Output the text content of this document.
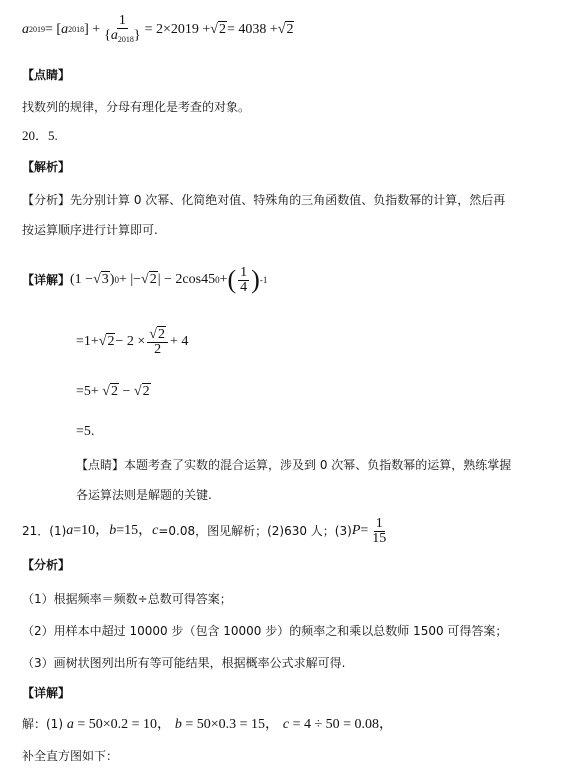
a 2019 = [ a 2018 ] + $\frac{1}{\{a_{2018}\}} = 2\times 2019 + √2 = 4038 + √2$
【点睛】
找数列的规律，分母有理化是考查的对象。
20．5.
【解析】
【分析】先分别计算 0 次幂、化简绝对值、特殊角的三角函数值、负指数幂的计算，然后再
按运算顺序进行计算即可.
【详解】 (1 − √3 ) 0 + |− √2 | − 2cos45 0 + ( $\frac{1}{4}$ ) -1
$=1+ √2 - 2 \times \frac{√2}{2} + 4$
=5+ √2 − √2
=5.
【点睛】本题考查了实数的混合运算，涉及到 0 次幂、负指数幂的运算，熟练掌握
各运算法则是解题的关键.
21．(1) a =10， b =15， c =0.08，图见解析；(2)630 人；(3) $P = \frac{1}{15}$
【分析】
（1）根据频率＝频数÷总数可得答案；
（2）用样本中超过 10000 步（包含 10000 步）的频率之和乘以总数师 1500 可得答案；
（3）画树状图列出所有等可能结果，根据概率公式求解可得.
【详解】
解：(1) a = 50×0.2 = 10， b = 50×0.3 = 15， c = 4 ÷ 50 = 0.08，
补全直方图如下：
